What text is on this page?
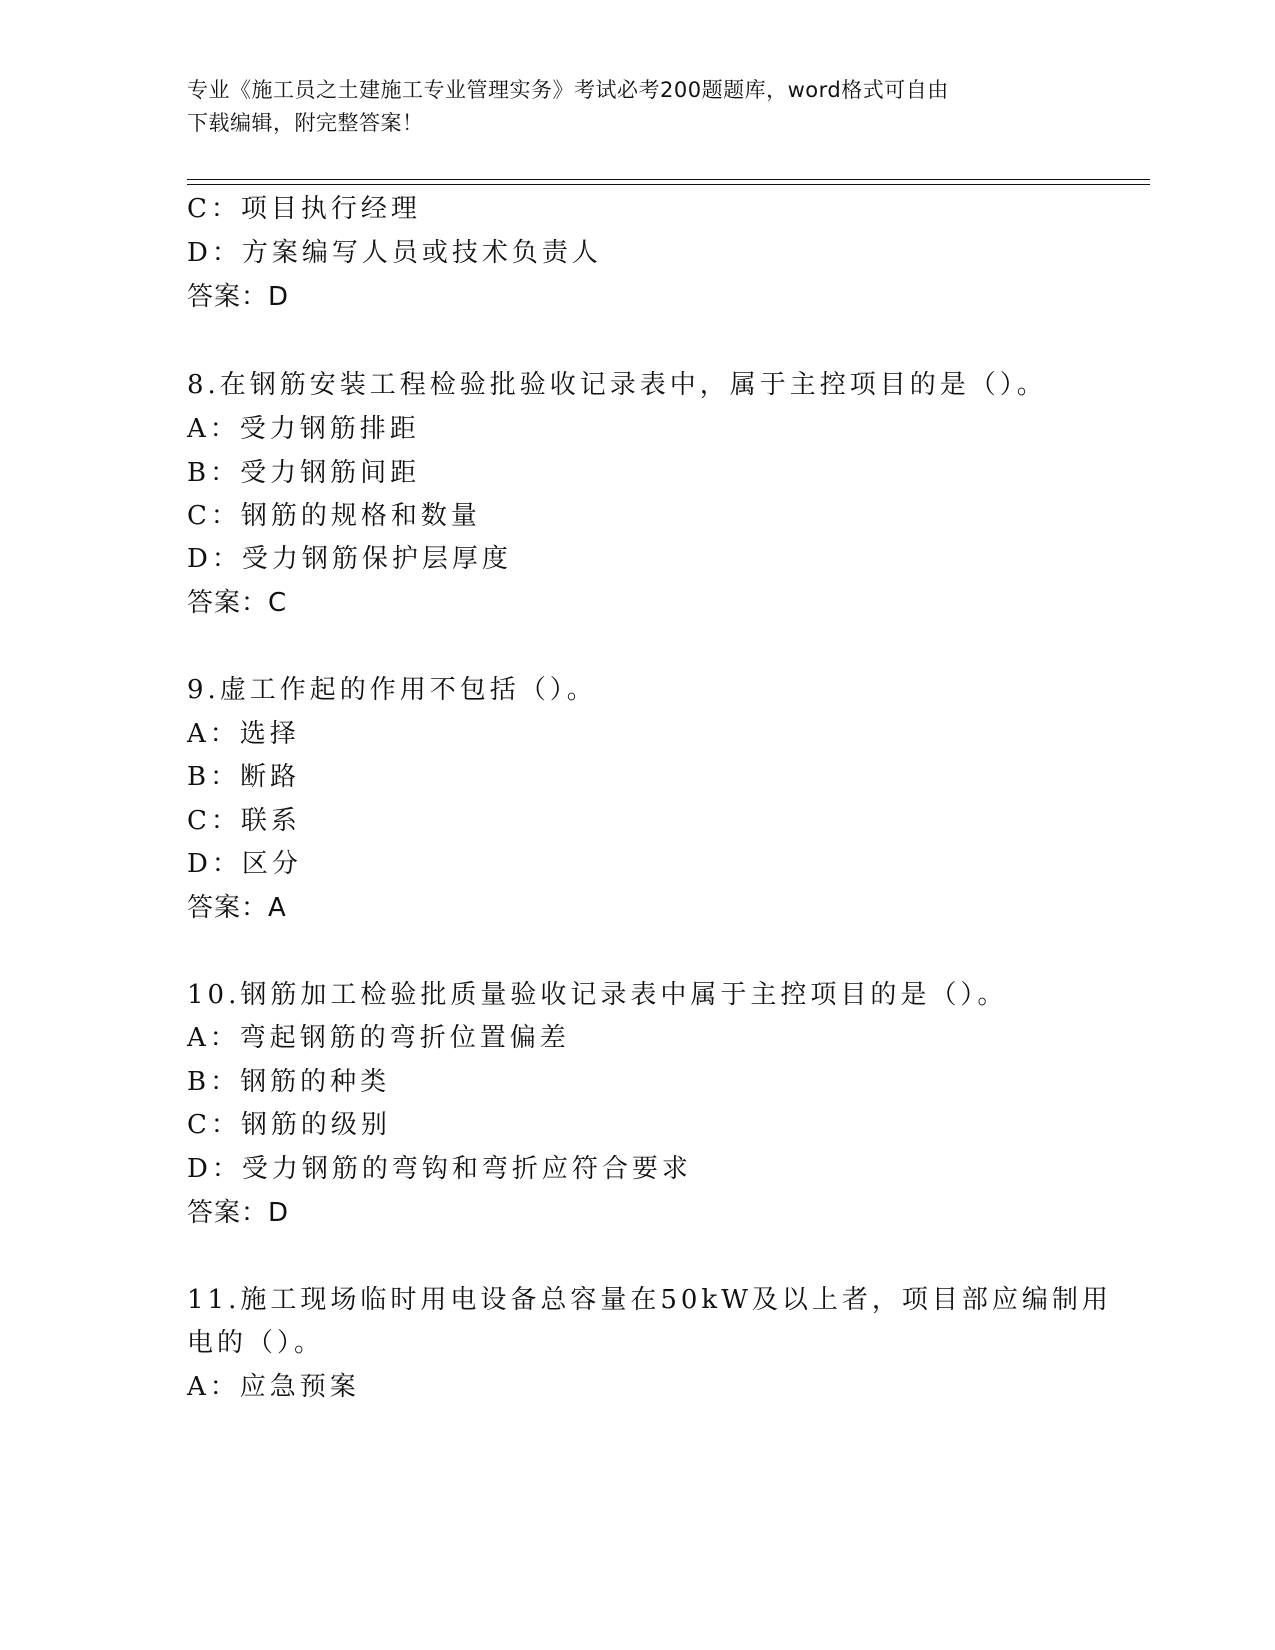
专业《施工员之土建施工专业管理实务》考试必考200题题库，word格式可自由
下载编辑，附完整答案！
C：项目执行经理
D：方案编写人员或技术负责人
答案：D
8.在钢筋安装工程检验批验收记录表中，属于主控项目的是（）。
A：受力钢筋排距
B：受力钢筋间距
C：钢筋的规格和数量
D：受力钢筋保护层厚度
答案：C
9.虚工作起的作用不包括（）。
A：选择
B：断路
C：联系
D：区分
答案：A
10.钢筋加工检验批质量验收记录表中属于主控项目的是（）。
A：弯起钢筋的弯折位置偏差
B：钢筋的种类
C：钢筋的级别
D：受力钢筋的弯钩和弯折应符合要求
答案：D
11.施工现场临时用电设备总容量在50kW及以上者，项目部应编制用
电的（）。
A：应急预案
